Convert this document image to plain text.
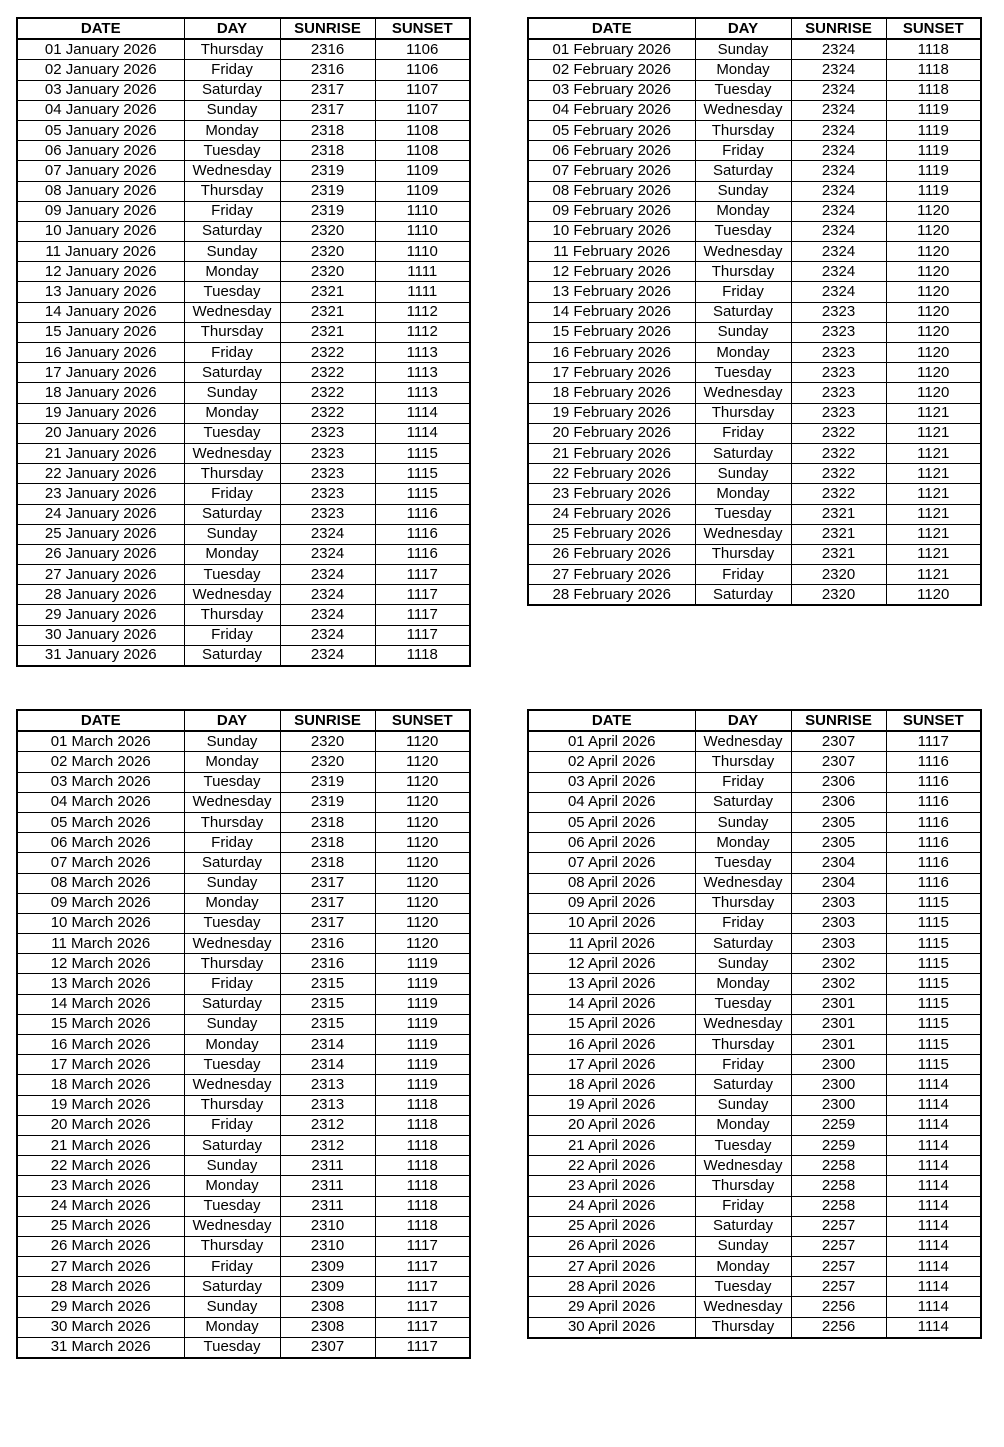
DATE	DAY	SUNRISE	SUNSET
01 January 2026	Thursday	2316	1106
02 January 2026	Friday	2316	1106
03 January 2026	Saturday	2317	1107
04 January 2026	Sunday	2317	1107
05 January 2026	Monday	2318	1108
06 January 2026	Tuesday	2318	1108
07 January 2026	Wednesday	2319	1109
08 January 2026	Thursday	2319	1109
09 January 2026	Friday	2319	1110
10 January 2026	Saturday	2320	1110
11 January 2026	Sunday	2320	1110
12 January 2026	Monday	2320	1111
13 January 2026	Tuesday	2321	1111
14 January 2026	Wednesday	2321	1112
15 January 2026	Thursday	2321	1112
16 January 2026	Friday	2322	1113
17 January 2026	Saturday	2322	1113
18 January 2026	Sunday	2322	1113
19 January 2026	Monday	2322	1114
20 January 2026	Tuesday	2323	1114
21 January 2026	Wednesday	2323	1115
22 January 2026	Thursday	2323	1115
23 January 2026	Friday	2323	1115
24 January 2026	Saturday	2323	1116
25 January 2026	Sunday	2324	1116
26 January 2026	Monday	2324	1116
27 January 2026	Tuesday	2324	1117
28 January 2026	Wednesday	2324	1117
29 January 2026	Thursday	2324	1117
30 January 2026	Friday	2324	1117
31 January 2026	Saturday	2324	1118
DATE	DAY	SUNRISE	SUNSET
01 February 2026	Sunday	2324	1118
02 February 2026	Monday	2324	1118
03 February 2026	Tuesday	2324	1118
04 February 2026	Wednesday	2324	1119
05 February 2026	Thursday	2324	1119
06 February 2026	Friday	2324	1119
07 February 2026	Saturday	2324	1119
08 February 2026	Sunday	2324	1119
09 February 2026	Monday	2324	1120
10 February 2026	Tuesday	2324	1120
11 February 2026	Wednesday	2324	1120
12 February 2026	Thursday	2324	1120
13 February 2026	Friday	2324	1120
14 February 2026	Saturday	2323	1120
15 February 2026	Sunday	2323	1120
16 February 2026	Monday	2323	1120
17 February 2026	Tuesday	2323	1120
18 February 2026	Wednesday	2323	1120
19 February 2026	Thursday	2323	1121
20 February 2026	Friday	2322	1121
21 February 2026	Saturday	2322	1121
22 February 2026	Sunday	2322	1121
23 February 2026	Monday	2322	1121
24 February 2026	Tuesday	2321	1121
25 February 2026	Wednesday	2321	1121
26 February 2026	Thursday	2321	1121
27 February 2026	Friday	2320	1121
28 February 2026	Saturday	2320	1120
DATE	DAY	SUNRISE	SUNSET
01 March 2026	Sunday	2320	1120
02 March 2026	Monday	2320	1120
03 March 2026	Tuesday	2319	1120
04 March 2026	Wednesday	2319	1120
05 March 2026	Thursday	2318	1120
06 March 2026	Friday	2318	1120
07 March 2026	Saturday	2318	1120
08 March 2026	Sunday	2317	1120
09 March 2026	Monday	2317	1120
10 March 2026	Tuesday	2317	1120
11 March 2026	Wednesday	2316	1120
12 March 2026	Thursday	2316	1119
13 March 2026	Friday	2315	1119
14 March 2026	Saturday	2315	1119
15 March 2026	Sunday	2315	1119
16 March 2026	Monday	2314	1119
17 March 2026	Tuesday	2314	1119
18 March 2026	Wednesday	2313	1119
19 March 2026	Thursday	2313	1118
20 March 2026	Friday	2312	1118
21 March 2026	Saturday	2312	1118
22 March 2026	Sunday	2311	1118
23 March 2026	Monday	2311	1118
24 March 2026	Tuesday	2311	1118
25 March 2026	Wednesday	2310	1118
26 March 2026	Thursday	2310	1117
27 March 2026	Friday	2309	1117
28 March 2026	Saturday	2309	1117
29 March 2026	Sunday	2308	1117
30 March 2026	Monday	2308	1117
31 March 2026	Tuesday	2307	1117
DATE	DAY	SUNRISE	SUNSET
01 April 2026	Wednesday	2307	1117
02 April 2026	Thursday	2307	1116
03 April 2026	Friday	2306	1116
04 April 2026	Saturday	2306	1116
05 April 2026	Sunday	2305	1116
06 April 2026	Monday	2305	1116
07 April 2026	Tuesday	2304	1116
08 April 2026	Wednesday	2304	1116
09 April 2026	Thursday	2303	1115
10 April 2026	Friday	2303	1115
11 April 2026	Saturday	2303	1115
12 April 2026	Sunday	2302	1115
13 April 2026	Monday	2302	1115
14 April 2026	Tuesday	2301	1115
15 April 2026	Wednesday	2301	1115
16 April 2026	Thursday	2301	1115
17 April 2026	Friday	2300	1115
18 April 2026	Saturday	2300	1114
19 April 2026	Sunday	2300	1114
20 April 2026	Monday	2259	1114
21 April 2026	Tuesday	2259	1114
22 April 2026	Wednesday	2258	1114
23 April 2026	Thursday	2258	1114
24 April 2026	Friday	2258	1114
25 April 2026	Saturday	2257	1114
26 April 2026	Sunday	2257	1114
27 April 2026	Monday	2257	1114
28 April 2026	Tuesday	2257	1114
29 April 2026	Wednesday	2256	1114
30 April 2026	Thursday	2256	1114
